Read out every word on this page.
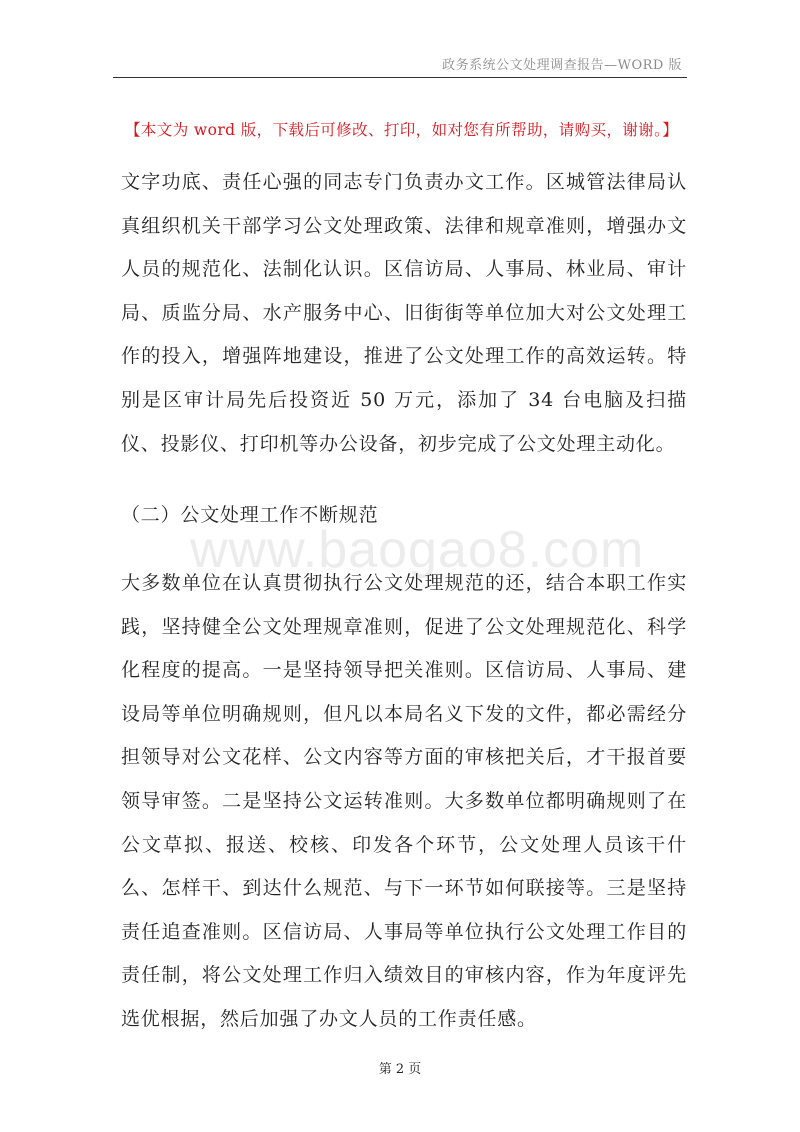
政务系统公文处理调查报告—WORD 版
【本文为 word 版，下载后可修改、打印，如对您有所帮助，请购买，谢谢。】

文字功底、责任心强的同志专门负责办文工作。区城管法律局认真组织机关干部学习公文处理政策、法律和规章准则，增强办文人员的规范化、法制化认识。区信访局、人事局、林业局、审计局、质监分局、水产服务中心、旧街街等单位加大对公文处理工作的投入，增强阵地建设，推进了公文处理工作的高效运转。特别是区审计局先后投资近 50 万元，添加了 34 台电脑及扫描仪、投影仪、打印机等办公设备，初步完成了公文处理主动化。

（二）公文处理工作不断规范

www.baogao8.com

大多数单位在认真贯彻执行公文处理规范的还，结合本职工作实践，坚持健全公文处理规章准则，促进了公文处理规范化、科学化程度的提高。一是坚持领导把关准则。区信访局、人事局、建设局等单位明确规则，但凡以本局名义下发的文件，都必需经分担领导对公文花样、公文内容等方面的审核把关后，才干报首要领导审签。二是坚持公文运转准则。大多数单位都明确规则了在公文草拟、报送、校核、印发各个环节，公文处理人员该干什么、怎样干、到达什么规范、与下一环节如何联接等。三是坚持责任追查准则。区信访局、人事局等单位执行公文处理工作目的责任制，将公文处理工作归入绩效目的审核内容，作为年度评先选优根据，然后加强了办文人员的工作责任感。

第 2 页
